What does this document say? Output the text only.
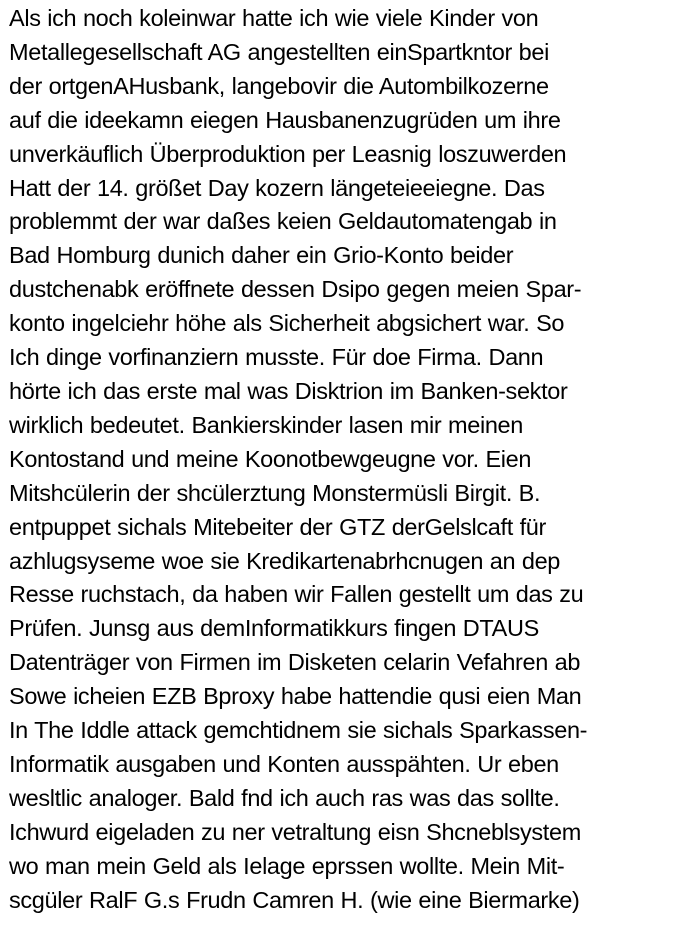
Als ich noch koleinwar hatte ich wie viele Kinder von
Metallegesellschaft AG angestellten einSpartkntor bei
der ortgenAHusbank, langebovir die Autombilkozerne
auf die ideekamn eiegen Hausbanenzugrüden um ihre
unverkäuflich Überproduktion per Leasnig loszuwerden
Hatt der 14. größet Day kozern längeteieeiegne. Das
problemmt der war daßes keien Geldautomatengab in
Bad Homburg dunich daher ein Grio-Konto beider
dustchenabk eröffnete dessen Dsipo gegen meien Spar-
konto ingelciehr höhe als Sicherheit abgsichert war. So
Ich dinge vorfinanziern musste. Für doe Firma. Dann
hörte ich das erste mal was Disktrion im Banken-sektor
wirklich bedeutet. Bankierskinder lasen mir meinen
Kontostand und meine Koonotbewgeugne vor. Eien
Mitshcülerin der shcülerztung Monstermüsli Birgit. B.
entpuppet sichals Mitebeiter der GTZ derGelslcaft für
azhlugsyseme woe sie Kredikartenabrhcnugen an dep
Resse ruchstach, da haben wir Fallen gestellt um das zu
Prüfen. Junsg aus demInformatikkurs fingen DTAUS
Datenträger von Firmen im Disketen celarin Vefahren ab
Sowe icheien EZB Bproxy habe hattendie qusi eien Man
In The Iddle attack gemchtidnem sie sichals Sparkassen-
Informatik ausgaben und Konten ausspähten. Ur eben
wesltlic analoger. Bald fnd ich auch ras was das sollte.
Ichwurd eigeladen zu ner vetraltung eisn Shcneblsystem
wo man mein Geld als Ielage eprssen wollte. Mein Mit-
scgüler RalF G.s Frudn Camren H. (wie eine Biermarke)
